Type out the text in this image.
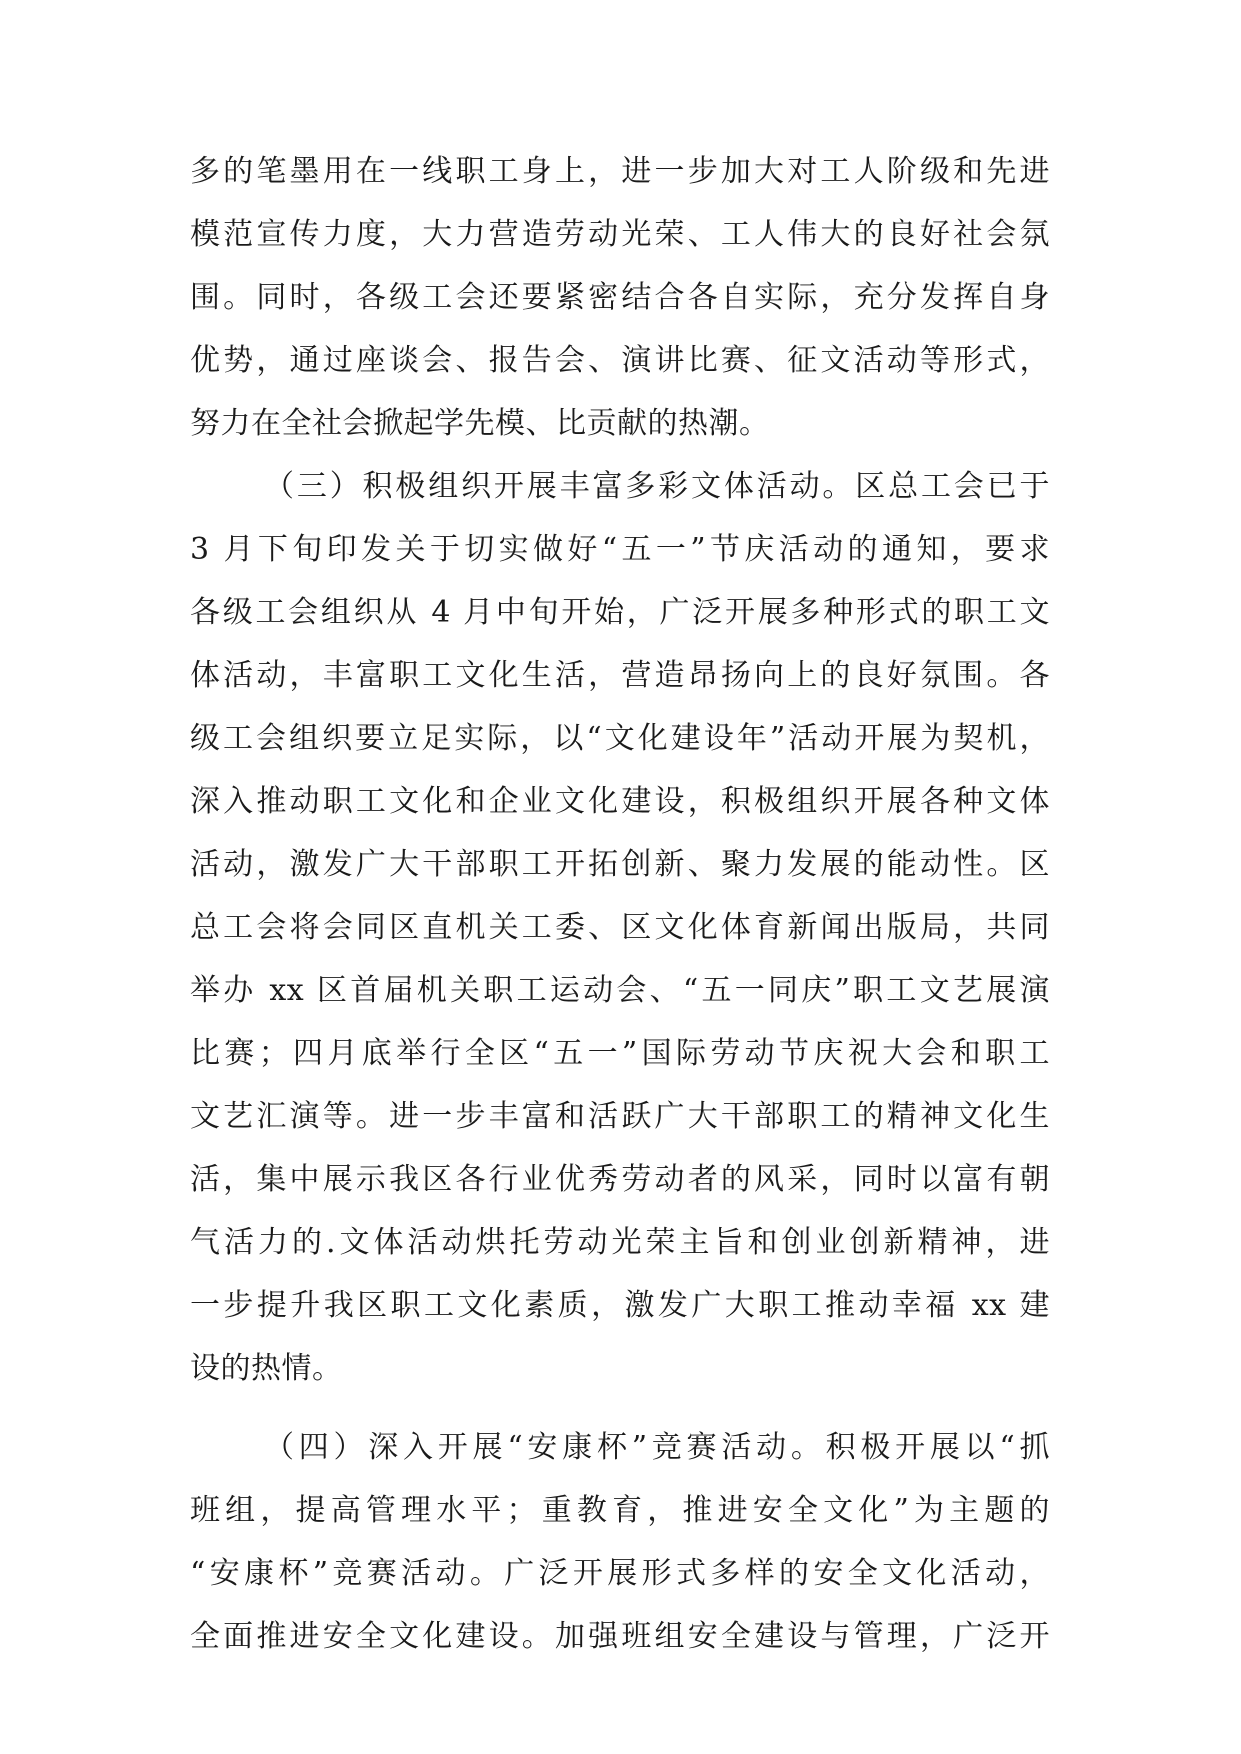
多的笔墨用在一线职工身上，进一步加大对工人阶级和先进
模范宣传力度，大力营造劳动光荣、工人伟大的良好社会氛
围。同时，各级工会还要紧密结合各自实际，充分发挥自身
优势，通过座谈会、报告会、演讲比赛、征文活动等形式，
努力在全社会掀起学先模、比贡献的热潮。
（三）积极组织开展丰富多彩文体活动。区总工会已于
3 月下旬印发关于切实做好“五一”节庆活动的通知，要求
各级工会组织从 4 月中旬开始，广泛开展多种形式的职工文
体活动，丰富职工文化生活，营造昂扬向上的良好氛围。各
级工会组织要立足实际，以“文化建设年”活动开展为契机，
深入推动职工文化和企业文化建设，积极组织开展各种文体
活动，激发广大干部职工开拓创新、聚力发展的能动性。区
总工会将会同区直机关工委、区文化体育新闻出版局，共同
举办 xx 区首届机关职工运动会、“五一同庆”职工文艺展演
比赛；四月底举行全区“五一”国际劳动节庆祝大会和职工
文艺汇演等。进一步丰富和活跃广大干部职工的精神文化生
活，集中展示我区各行业优秀劳动者的风采，同时以富有朝
气活力的.文体活动烘托劳动光荣主旨和创业创新精神，进
一步提升我区职工文化素质，激发广大职工推动幸福 xx 建
设的热情。
（四）深入开展“安康杯”竞赛活动。积极开展以“抓
班组，提高管理水平；重教育，推进安全文化”为主题的
“安康杯”竞赛活动。广泛开展形式多样的安全文化活动，
全面推进安全文化建设。加强班组安全建设与管理，广泛开
